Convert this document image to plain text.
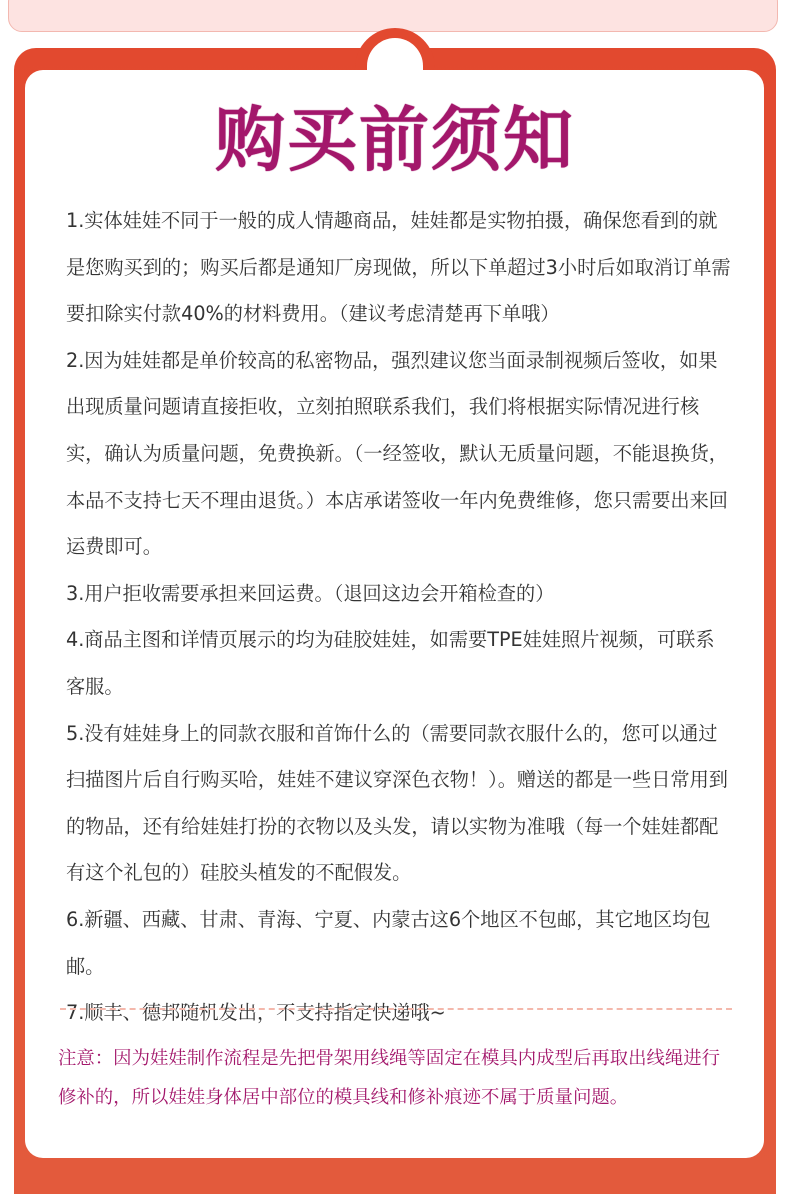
购买前须知

1.实体娃娃不同于一般的成人情趣商品，娃娃都是实物拍摄，确保您看到的就是您购买到的；购买后都是通知厂房现做，所以下单超过3小时后如取消订单需要扣除实付款40%的材料费用。（建议考虑清楚再下单哦）

2.因为娃娃都是单价较高的私密物品，强烈建议您当面录制视频后签收，如果出现质量问题请直接拒收，立刻拍照联系我们，我们将根据实际情况进行核实，确认为质量问题，免费换新。（一经签收，默认无质量问题，不能退换货，本品不支持七天不理由退货。）本店承诺签收一年内免费维修，您只需要出来回运费即可。

3.用户拒收需要承担来回运费。（退回这边会开箱检查的）

4.商品主图和详情页展示的均为硅胶娃娃，如需要TPE娃娃照片视频，可联系客服。

5.没有娃娃身上的同款衣服和首饰什么的（需要同款衣服什么的，您可以通过扫描图片后自行购买哈，娃娃不建议穿深色衣物！）。赠送的都是一些日常用到的物品，还有给娃娃打扮的衣物以及头发，请以实物为准哦（每一个娃娃都配有这个礼包的）硅胶头植发的不配假发。

6.新疆、西藏、甘肃、青海、宁夏、内蒙古这6个地区不包邮，其它地区均包邮。

7.顺丰、德邦随机发出，不支持指定快递哦~

注意：因为娃娃制作流程是先把骨架用线绳等固定在模具内成型后再取出线绳进行修补的，所以娃娃身体居中部位的模具线和修补痕迹不属于质量问题。
